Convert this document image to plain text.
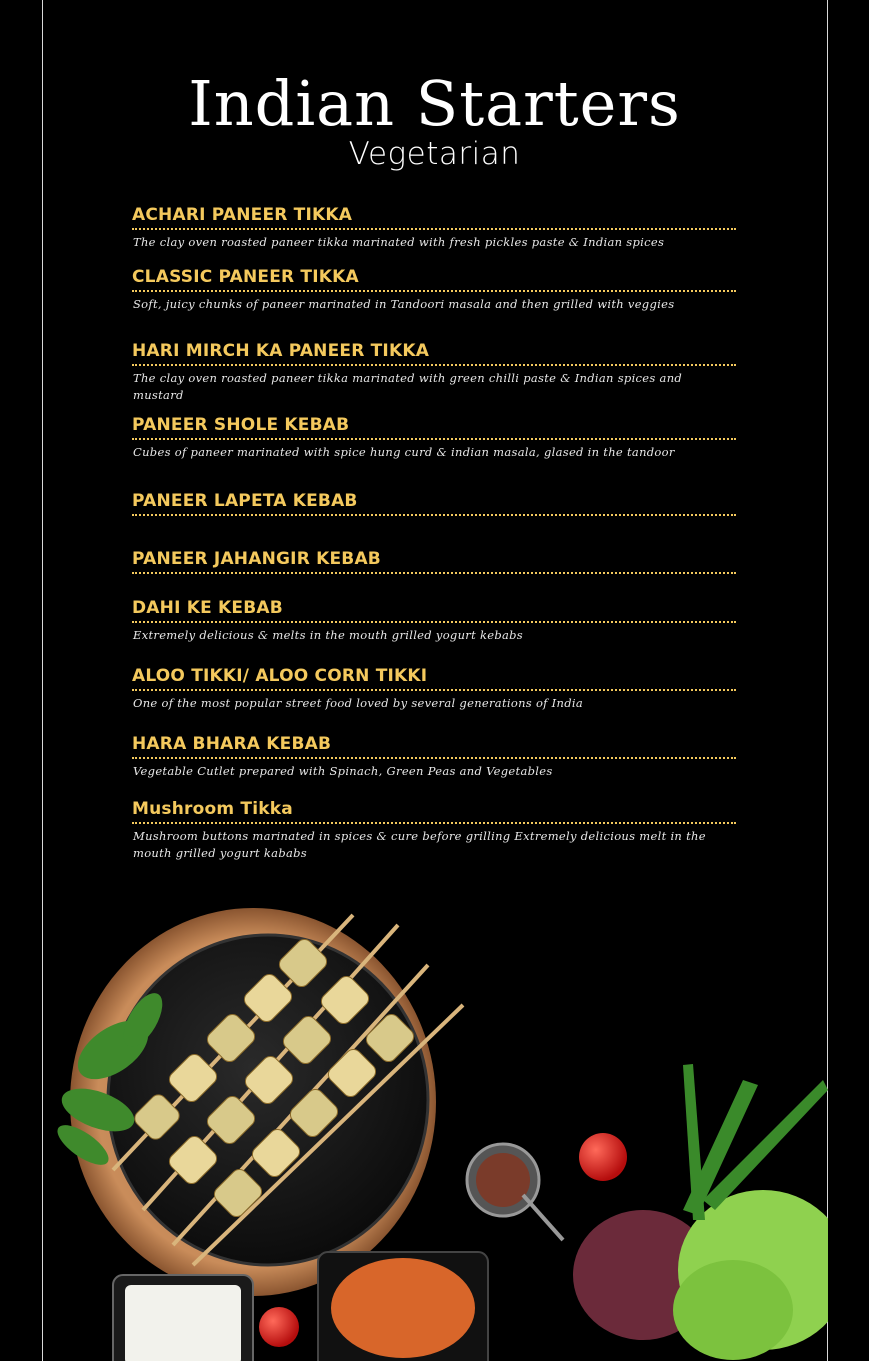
Indian Starters
Vegetarian
ACHARI PANEER TIKKA
The clay oven roasted paneer tikka marinated with fresh pickles paste & Indian spices
CLASSIC PANEER TIKKA
Soft, juicy chunks of paneer marinated in Tandoori masala and then grilled with veggies
HARI MIRCH KA PANEER TIKKA
The clay oven roasted paneer tikka marinated with green chilli paste & Indian spices and mustard
PANEER SHOLE KEBAB
Cubes of paneer marinated with spice hung curd & indian masala, glased in the tandoor
PANEER LAPETA KEBAB
PANEER JAHANGIR KEBAB
DAHI KE KEBAB
Extremely delicious & melts in the mouth grilled yogurt kebabs
ALOO TIKKI/ ALOO CORN TIKKI
One of the most popular street food loved by several generations of India
HARA BHARA KEBAB
Vegetable Cutlet prepared with Spinach, Green Peas and Vegetables
Mushroom Tikka
Mushroom buttons marinated in spices & cure before grilling Extremely delicious melt in the mouth grilled yogurt kababs
